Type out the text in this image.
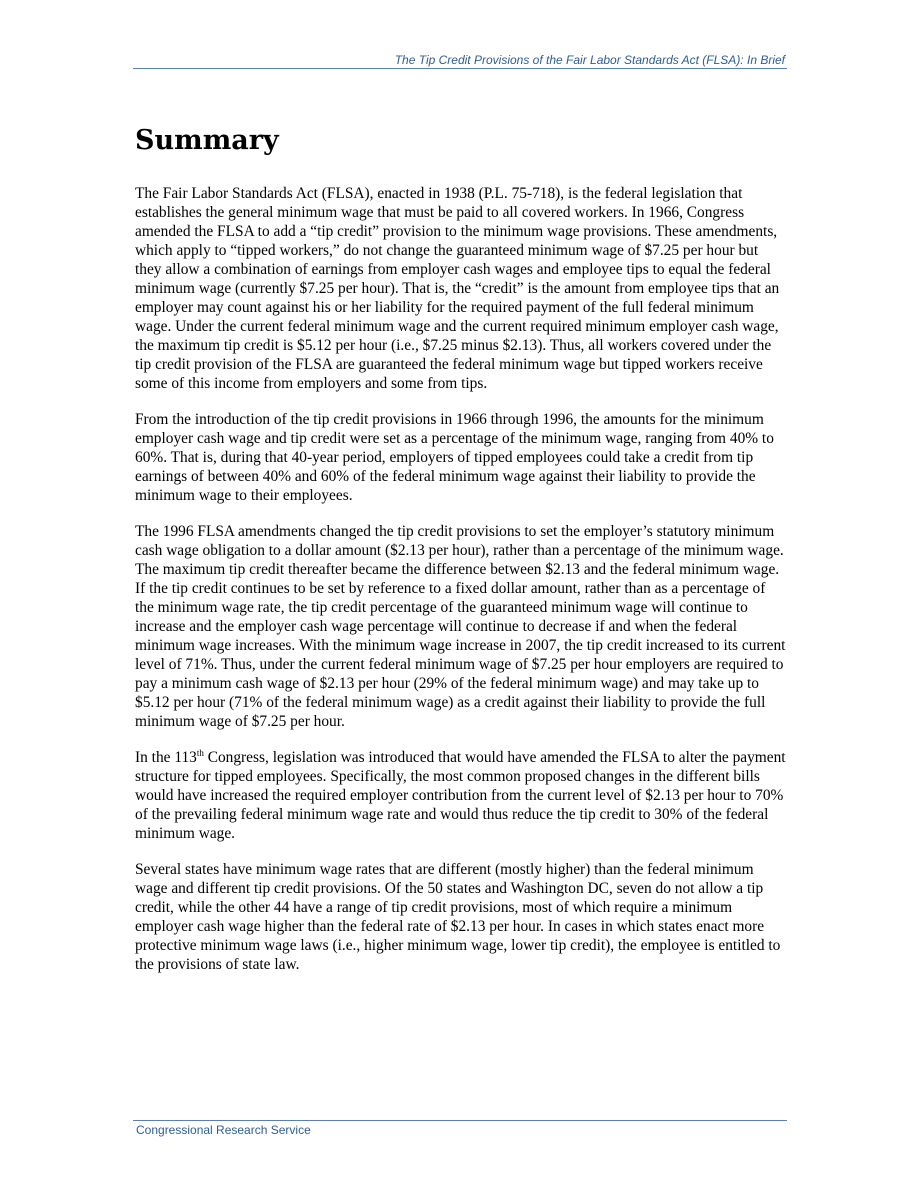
The Tip Credit Provisions of the Fair Labor Standards Act (FLSA): In Brief
Summary

The Fair Labor Standards Act (FLSA), enacted in 1938 (P.L. 75-718), is the federal legislation that establishes the general minimum wage that must be paid to all covered workers. In 1966, Congress amended the FLSA to add a “tip credit” provision to the minimum wage provisions. These amendments, which apply to “tipped workers,” do not change the guaranteed minimum wage of $7.25 per hour but they allow a combination of earnings from employer cash wages and employee tips to equal the federal minimum wage (currently $7.25 per hour). That is, the “credit” is the amount from employee tips that an employer may count against his or her liability for the required payment of the full federal minimum wage. Under the current federal minimum wage and the current required minimum employer cash wage, the maximum tip credit is $5.12 per hour (i.e., $7.25 minus $2.13). Thus, all workers covered under the tip credit provision of the FLSA are guaranteed the federal minimum wage but tipped workers receive some of this income from employers and some from tips.

From the introduction of the tip credit provisions in 1966 through 1996, the amounts for the minimum employer cash wage and tip credit were set as a percentage of the minimum wage, ranging from 40% to 60%. That is, during that 40-year period, employers of tipped employees could take a credit from tip earnings of between 40% and 60% of the federal minimum wage against their liability to provide the minimum wage to their employees.

The 1996 FLSA amendments changed the tip credit provisions to set the employer’s statutory minimum cash wage obligation to a dollar amount ($2.13 per hour), rather than a percentage of the minimum wage. The maximum tip credit thereafter became the difference between $2.13 and the federal minimum wage. If the tip credit continues to be set by reference to a fixed dollar amount, rather than as a percentage of the minimum wage rate, the tip credit percentage of the guaranteed minimum wage will continue to increase and the employer cash wage percentage will continue to decrease if and when the federal minimum wage increases. With the minimum wage increase in 2007, the tip credit increased to its current level of 71%. Thus, under the current federal minimum wage of $7.25 per hour employers are required to pay a minimum cash wage of $2.13 per hour (29% of the federal minimum wage) and may take up to $5.12 per hour (71% of the federal minimum wage) as a credit against their liability to provide the full minimum wage of $7.25 per hour.

In the 113th Congress, legislation was introduced that would have amended the FLSA to alter the payment structure for tipped employees. Specifically, the most common proposed changes in the different bills would have increased the required employer contribution from the current level of $2.13 per hour to 70% of the prevailing federal minimum wage rate and would thus reduce the tip credit to 30% of the federal minimum wage.

Several states have minimum wage rates that are different (mostly higher) than the federal minimum wage and different tip credit provisions. Of the 50 states and Washington DC, seven do not allow a tip credit, while the other 44 have a range of tip credit provisions, most of which require a minimum employer cash wage higher than the federal rate of $2.13 per hour. In cases in which states enact more protective minimum wage laws (i.e., higher minimum wage, lower tip credit), the employee is entitled to the provisions of state law.

Congressional Research Service
